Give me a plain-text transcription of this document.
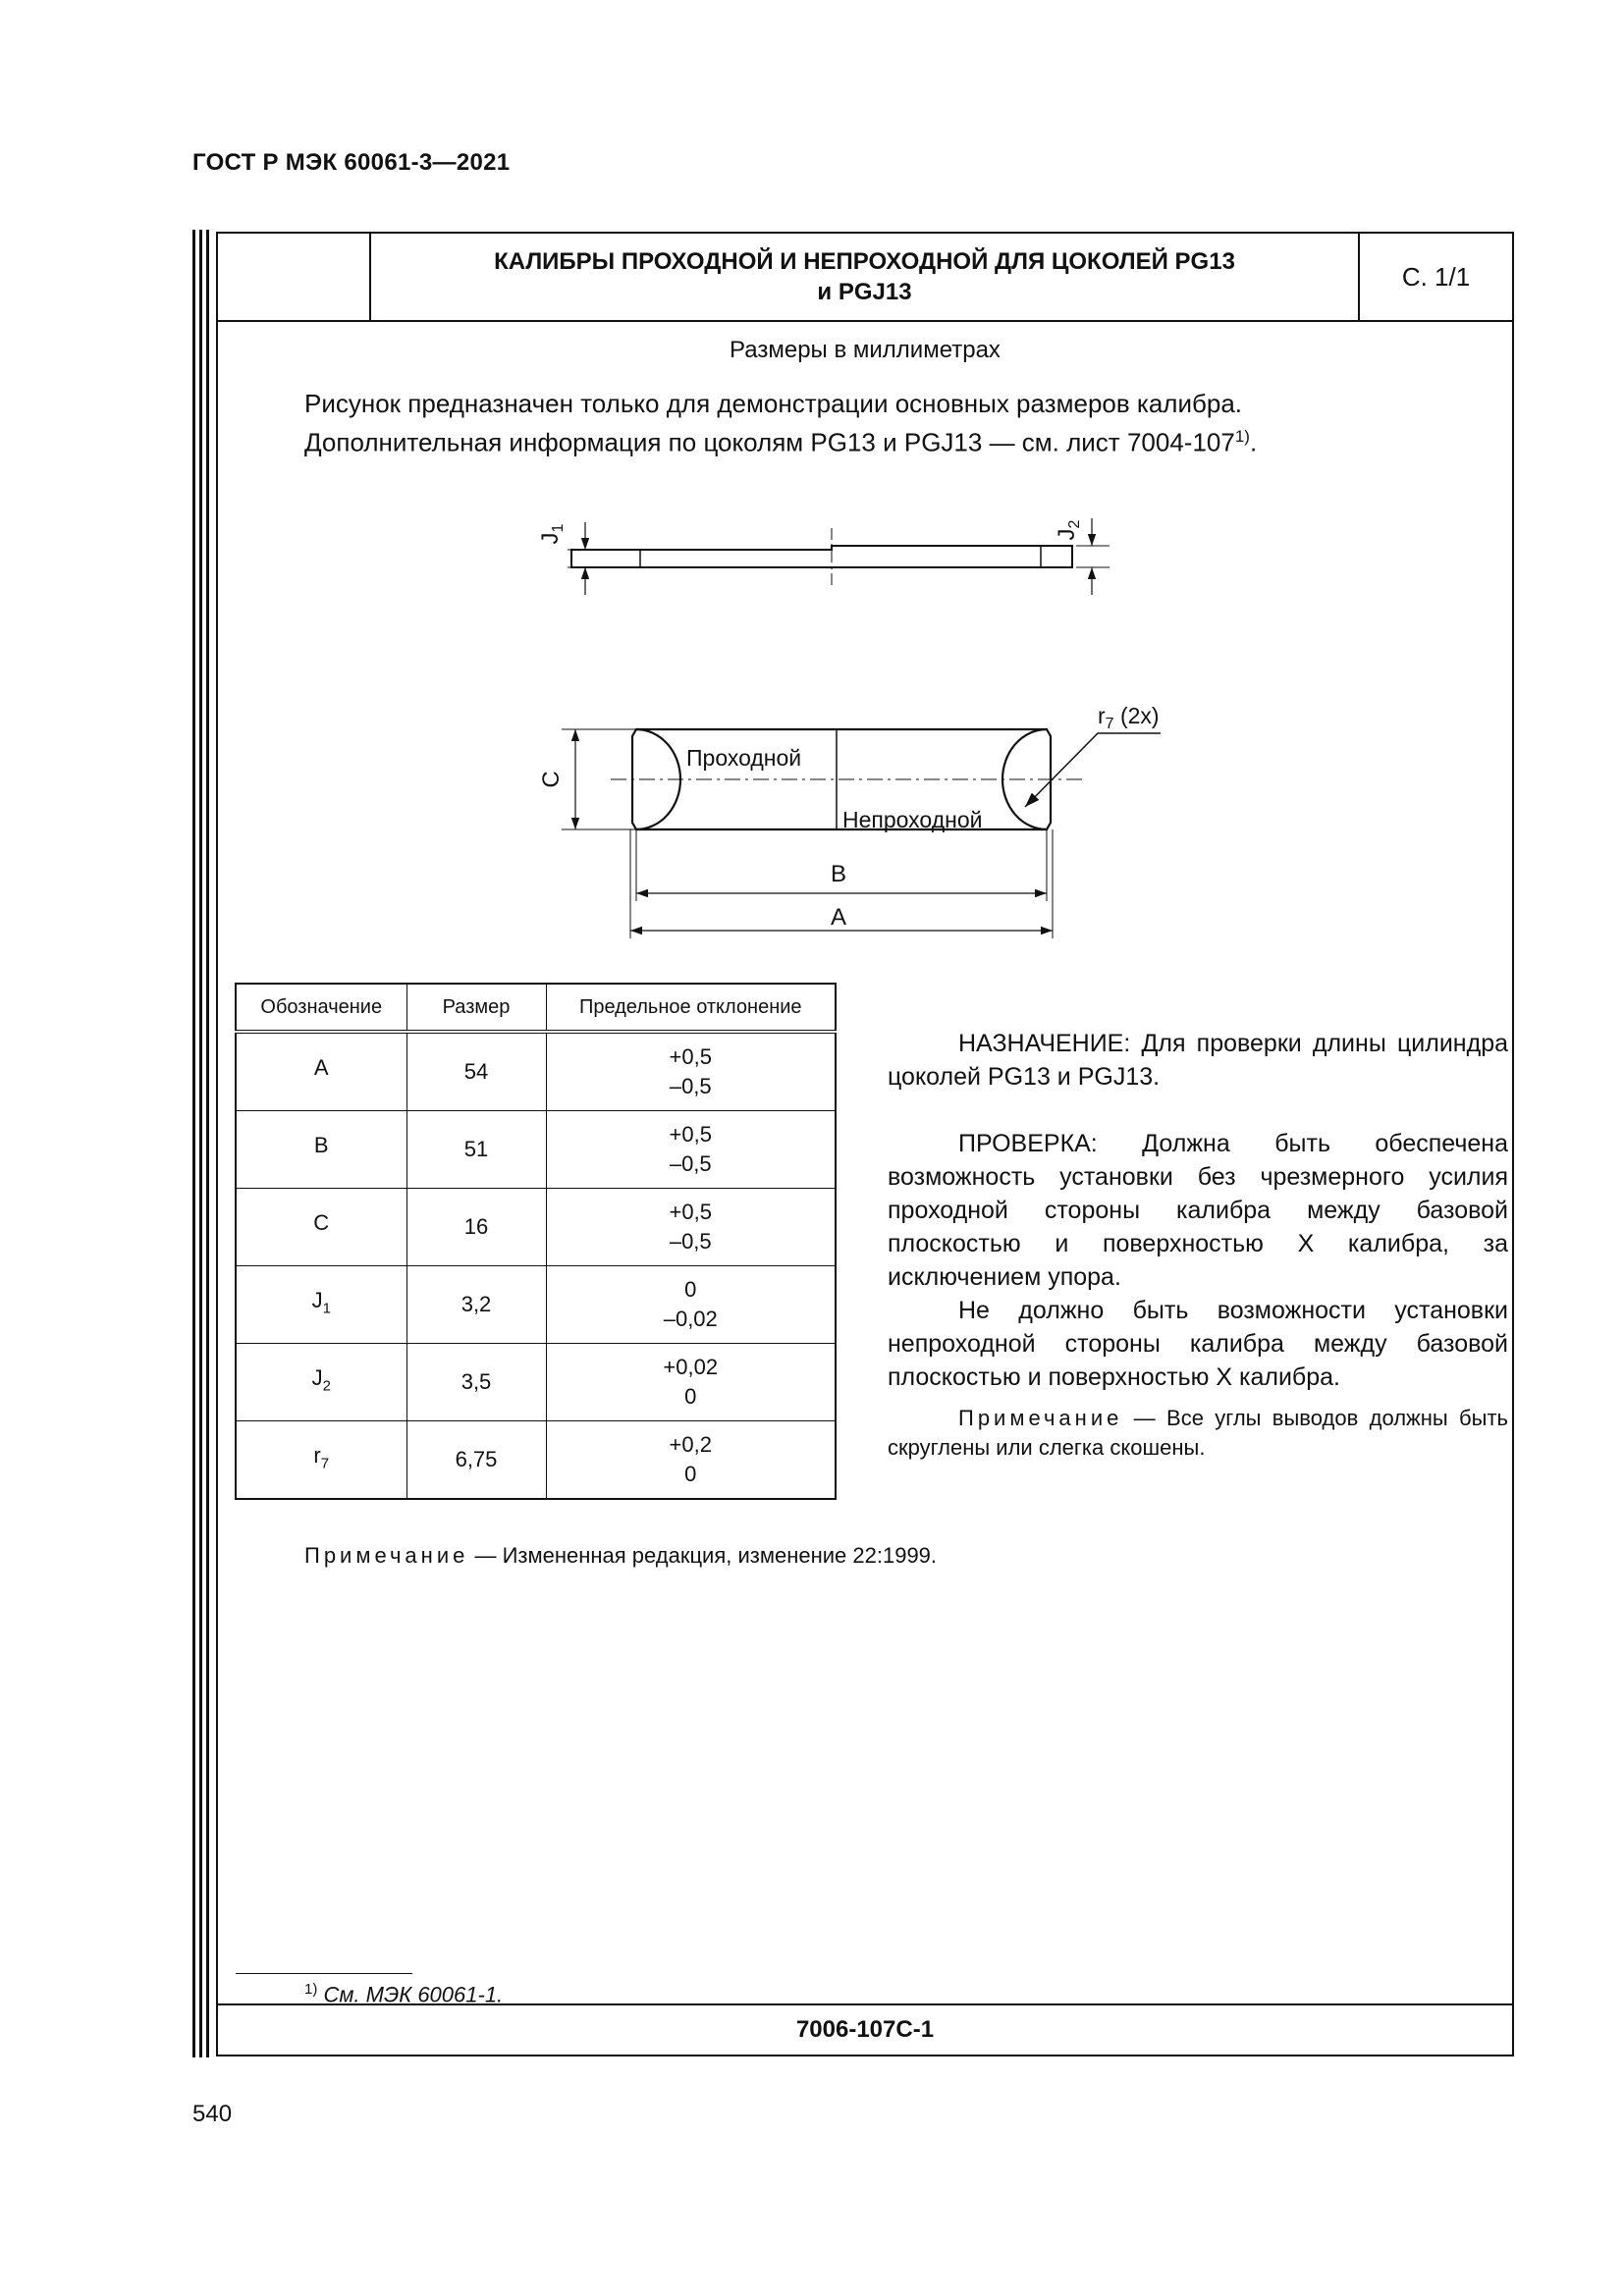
ГОСТ Р МЭК 60061-3—2021
КАЛИБРЫ ПРОХОДНОЙ И НЕПРОХОДНОЙ ДЛЯ ЦОКОЛЕЙ PG13
и PGJ13
С. 1/1
Размеры в миллиметрах
Рисунок предназначен только для демонстрации основных размеров калибра.
Дополнительная информация по цоколям PG13 и PGJ13 — см. лист 7004-107$^{1)}$.
$J_1$
$J_2$
Проходной
Непроходной
$r_7$ (2x)
C
B
A
Обозначение	Размер	Предельное отклонение
A	54	+0,5
–0,5

B	51	+0,5
–0,5

C	16	+0,5
–0,5

$J_1$	3,2	0
–0,02

$J_2$	3,5	+0,02
0

$r_7$	6,75	+0,2
0

НАЗНАЧЕНИЕ: Для проверки длины цилиндра цоколей PG13 и PGJ13.

ПРОВЕРКА: Должна быть обеспечена возможность установки без чрезмерного усилия проходной стороны калибра между базовой плоскостью и поверхностью X калибра, за исключением упора.

Не должно быть возможности установки непроходной стороны калибра между базовой плоскостью и поверхностью X калибра.

Примечание — Все углы выводов должны быть скруглены или слегка скошены.

Примечание — Измененная редакция, изменение 22:1999.
$^{1)}$ См. МЭК 60061-1.
7006-107C-1
540
